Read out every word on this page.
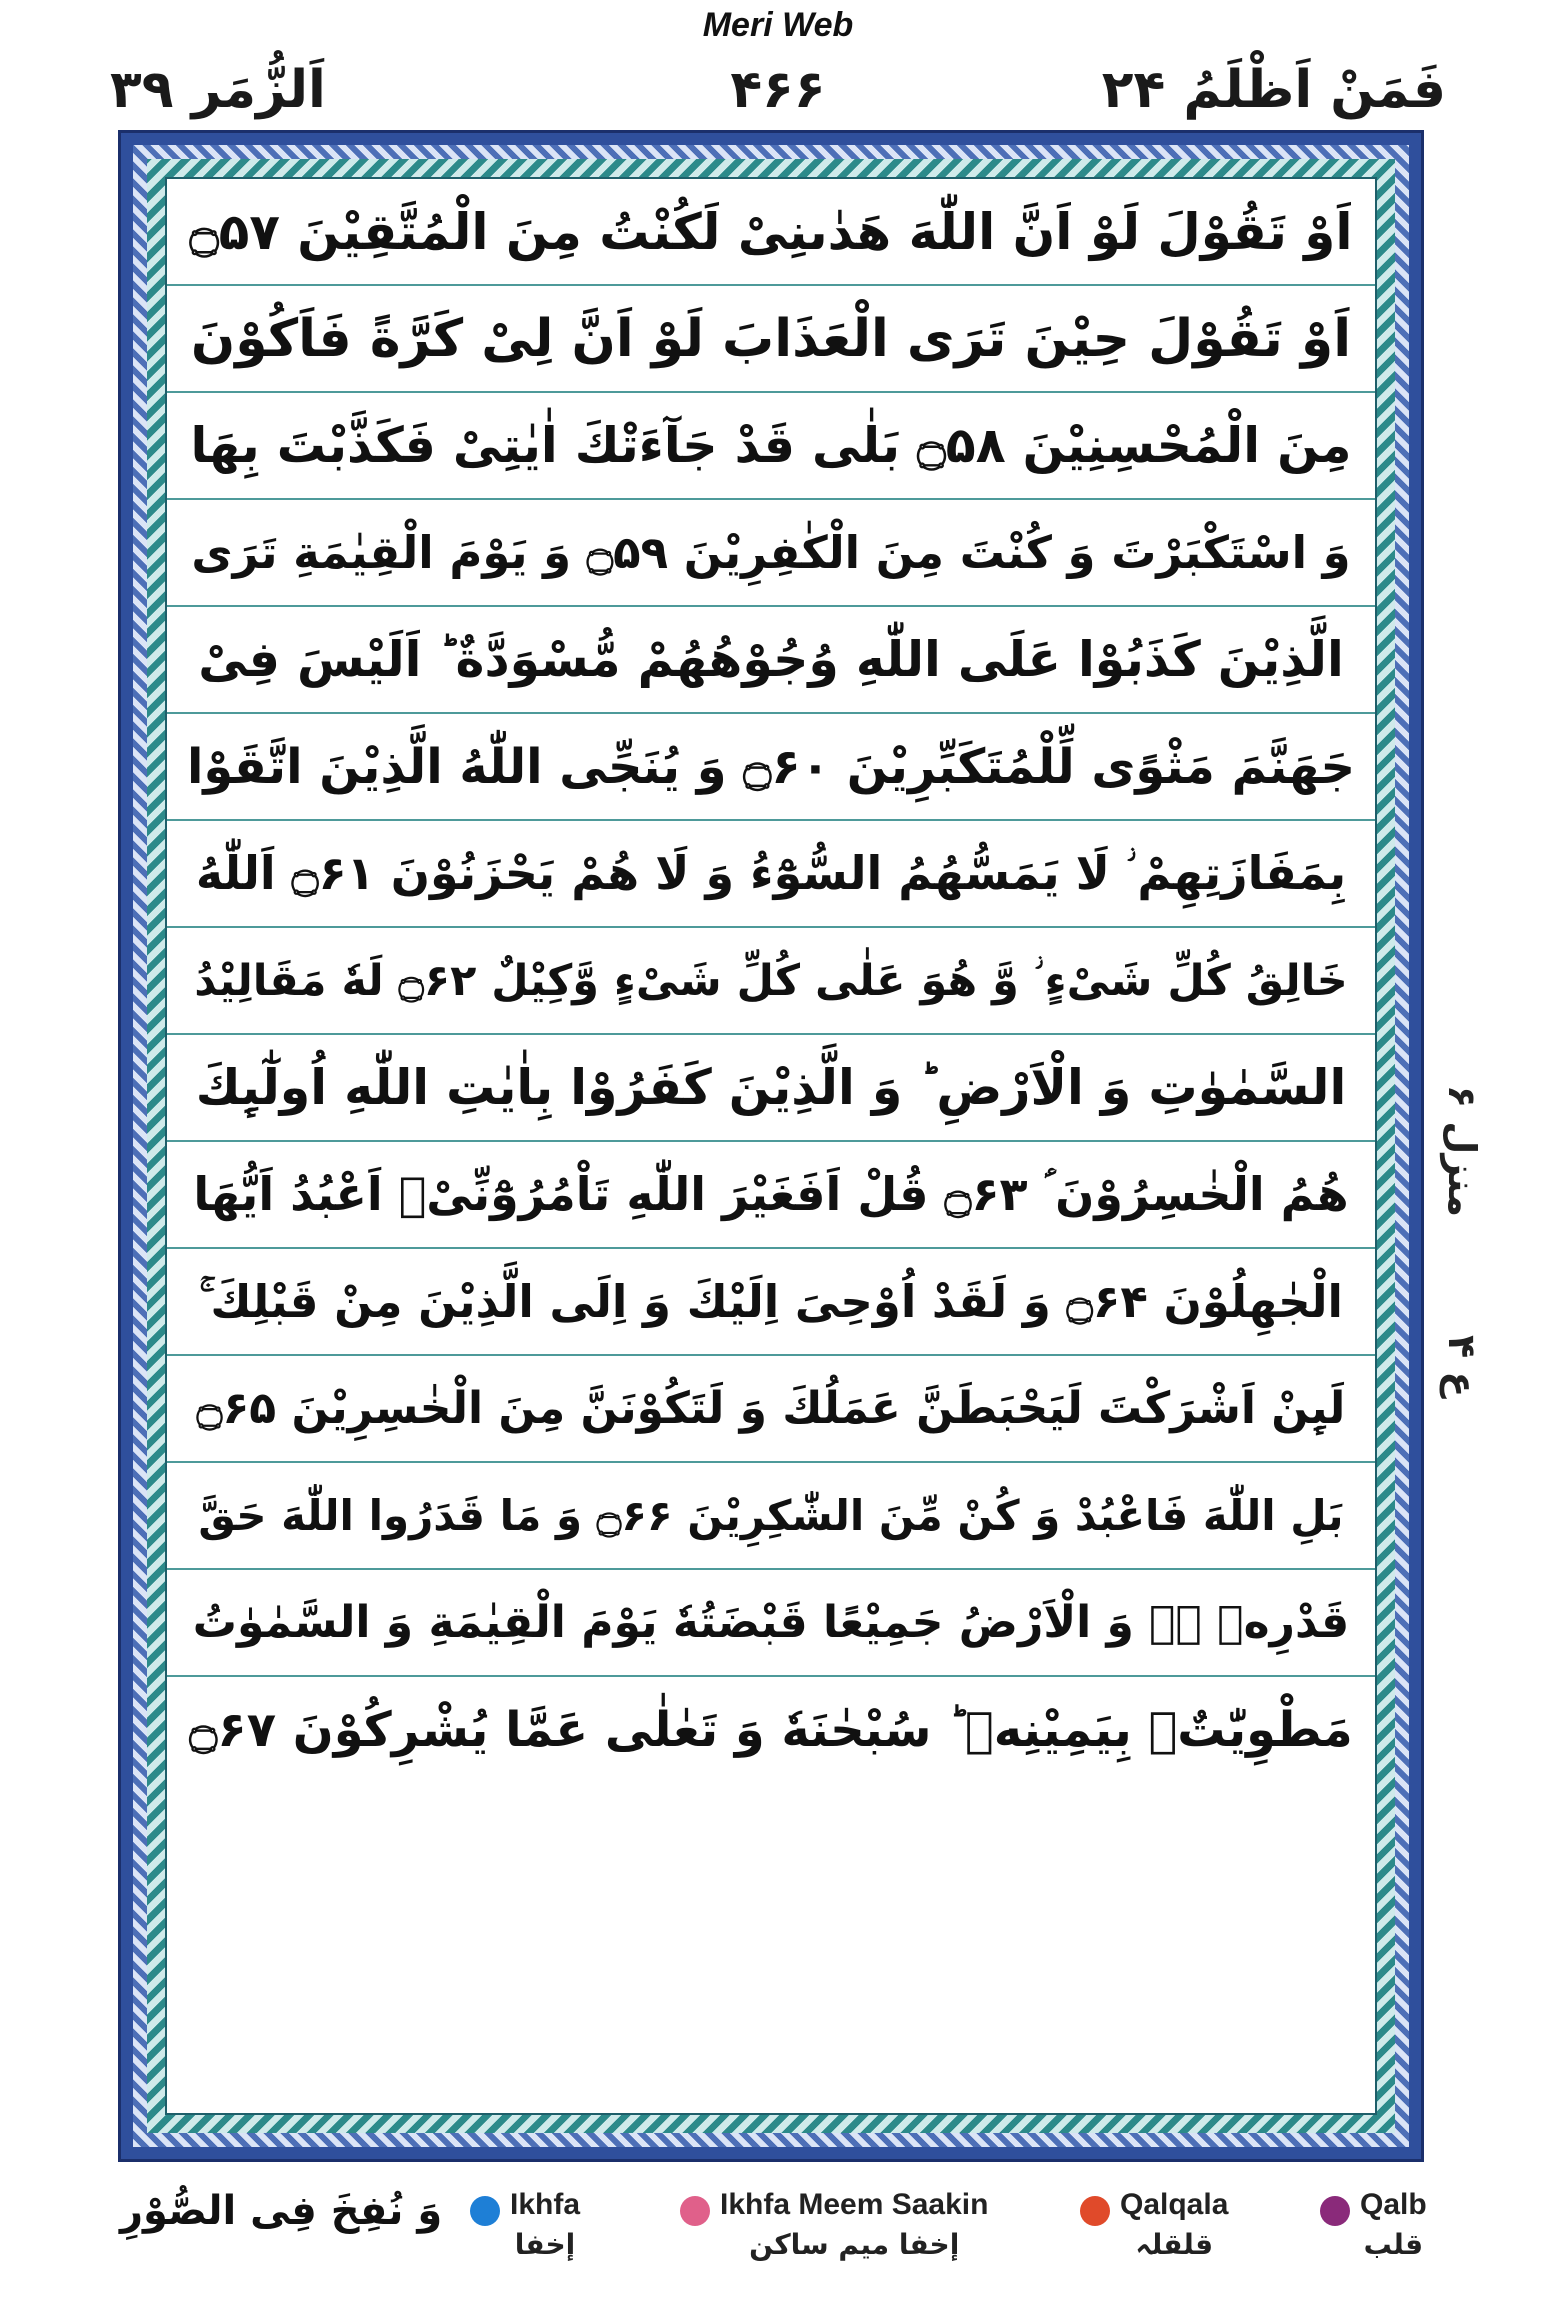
Meri Web
فَمَنْ اَظْلَمُ ۲۴
۴۶۶
اَلزُّمَر ۳۹
اَوْ تَقُوْلَ لَوْ اَنَّ اللّٰهَ هَدٰىنِیْ لَكُنْتُ مِنَ الْمُتَّقِیْنَ ۝۵۷
اَوْ تَقُوْلَ حِیْنَ تَرَى الْعَذَابَ لَوْ اَنَّ لِیْ كَرَّةً فَاَكُوْنَ
مِنَ الْمُحْسِنِیْنَ ۝۵۸ بَلٰى قَدْ جَآءَتْكَ اٰیٰتِیْ فَكَذَّبْتَ بِهَا
وَ اسْتَكْبَرْتَ وَ كُنْتَ مِنَ الْكٰفِرِیْنَ ۝۵۹ وَ یَوْمَ الْقِیٰمَةِ تَرَى
الَّذِیْنَ كَذَبُوْا عَلَى اللّٰهِ وُجُوْهُهُمْ مُّسْوَدَّةٌ ؕ اَلَیْسَ فِیْ
جَهَنَّمَ مَثْوًى لِّلْمُتَكَبِّرِیْنَ ۝۶۰ وَ یُنَجِّی اللّٰهُ الَّذِیْنَ اتَّقَوْا
بِمَفَازَتِهِمْ ؗ لَا یَمَسُّهُمُ السُّوْٓءُ وَ لَا هُمْ یَحْزَنُوْنَ ۝۶۱ اَللّٰهُ
خَالِقُ كُلِّ شَیْءٍ ؗ وَّ هُوَ عَلٰى كُلِّ شَیْءٍ وَّكِیْلٌ ۝۶۲ لَهٗ مَقَالِیْدُ
السَّمٰوٰتِ وَ الْاَرْضِ ؕ وَ الَّذِیْنَ كَفَرُوْا بِاٰیٰتِ اللّٰهِ اُولٰٓىِٕكَ
هُمُ الْخٰسِرُوْنَ ؑ ۝۶۳ قُلْ اَفَغَیْرَ اللّٰهِ تَاْمُرُوْٓنِّیْۤ اَعْبُدُ اَیُّهَا
الْجٰهِلُوْنَ ۝۶۴ وَ لَقَدْ اُوْحِیَ اِلَیْكَ وَ اِلَى الَّذِیْنَ مِنْ قَبْلِكَ ۚ
لَىِٕنْ اَشْرَكْتَ لَیَحْبَطَنَّ عَمَلُكَ وَ لَتَكُوْنَنَّ مِنَ الْخٰسِرِیْنَ ۝۶۵
بَلِ اللّٰهَ فَاعْبُدْ وَ كُنْ مِّنَ الشّٰكِرِیْنَ ۝۶۶ وَ مَا قَدَرُوا اللّٰهَ حَقَّ
قَدْرِهٖ ۖۗ وَ الْاَرْضُ جَمِیْعًا قَبْضَتُهٗ یَوْمَ الْقِیٰمَةِ وَ السَّمٰوٰتُ
مَطْوِیّٰتٌۢ بِیَمِیْنِهٖ ؕ سُبْحٰنَهٗ وَ تَعٰلٰى عَمَّا یُشْرِكُوْنَ ۝۶۷
منزل ۶
ع ۴
وَ نُفِخَ فِی الصُّوْرِ Ikhfa
إخفا
Ikhfa Meem Saakin
إخفا میم ساکن
Qalqala
قلقلہ
Qalb
قلب
